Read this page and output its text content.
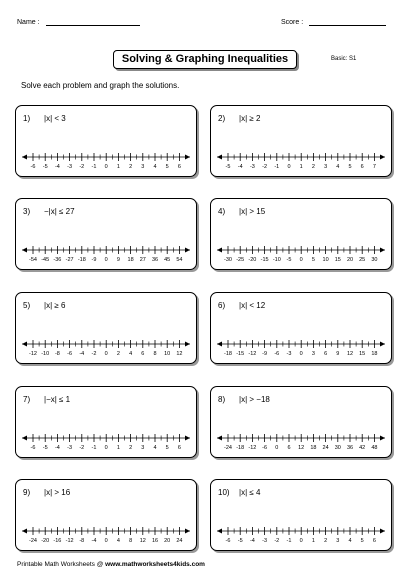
Name :	Score :
Solving & Graphing Inequalities	Basic: S1
Solve each problem and graph the solutions.
1) |x| < 3
-6 -5 -4 -3 -2 -1 0 1 2 3 4 5 6
2) |x| ≥ 2
-5 -4 -3 -2 -1 0 1 2 3 4 5 6 7
3) −|x| ≤ 27
-54 -45 -36 -27 -18 -9 0 9 18 27 36 45 54
4) |x| > 15
-30 -25 -20 -15 -10 -5 0 5 10 15 20 25 30
5) |x| ≥ 6
-12 -10 -8 -6 -4 -2 0 2 4 6 8 10 12
6) |x| < 12
-18 -15 -12 -9 -6 -3 0 3 6 9 12 15 18
7) |−x| ≤ 1
-6 -5 -4 -3 -2 -1 0 1 2 3 4 5 6
8) |x| > −18
-24 -18 -12 -6 0 6 12 18 24 30 36 42 48
9) |x| > 16
-24 -20 -16 -12 -8 -4 0 4 8 12 16 20 24
10) |x| ≤ 4
-6 -5 -4 -3 -2 -1 0 1 2 3 4 5 6
Printable Math Worksheets @ www.mathworksheets4kids.com
